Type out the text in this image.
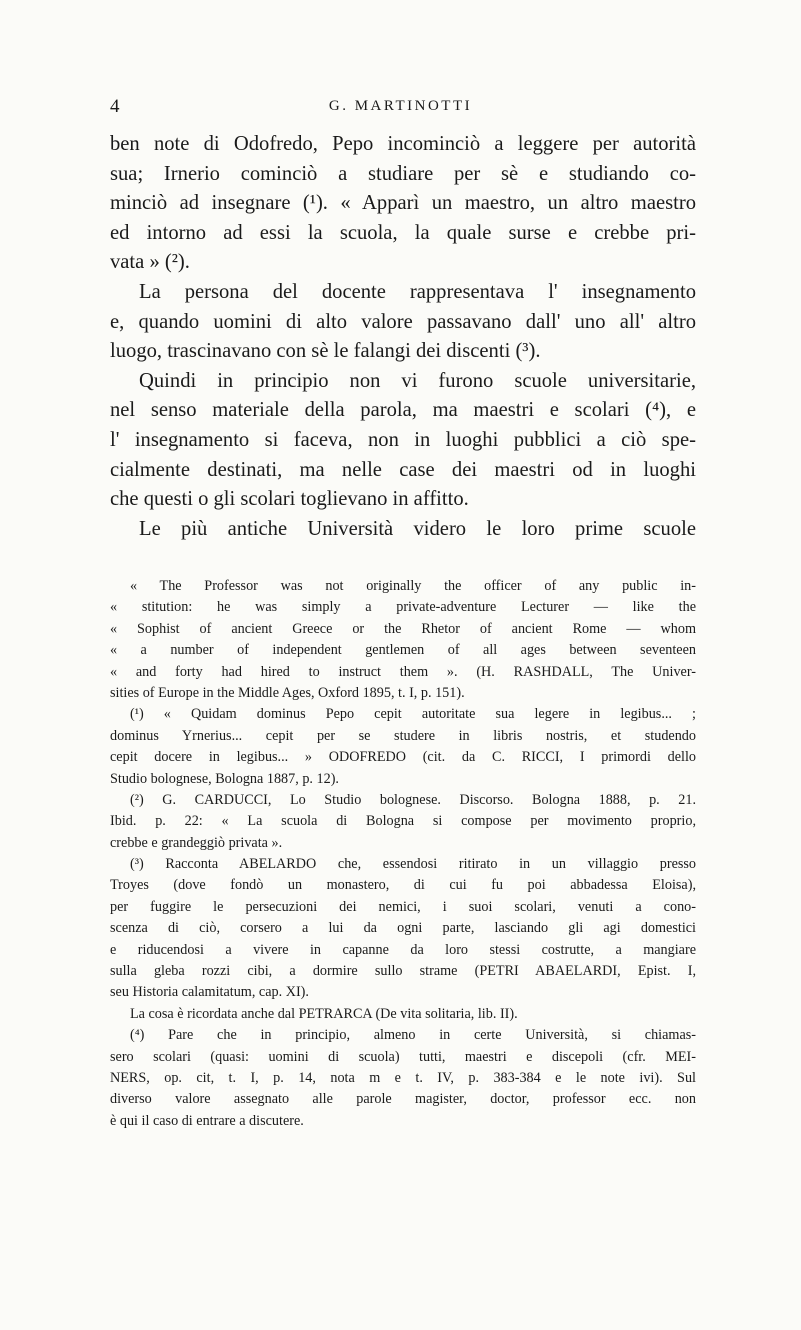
4	G. MARTINOTTI
ben note di Odofredo, Pepo incominciò a leggere per autorità
sua; Irnerio cominciò a studiare per sè e studiando co-
minciò ad insegnare (¹). « Apparì un maestro, un altro maestro
ed intorno ad essi la scuola, la quale surse e crebbe pri-
vata » (²).
La persona del docente rappresentava l' insegnamento
e, quando uomini di alto valore passavano dall' uno all' altro
luogo, trascinavano con sè le falangi dei discenti (³).
Quindi in principio non vi furono scuole universitarie,
nel senso materiale della parola, ma maestri e scolari (⁴), e
l' insegnamento si faceva, non in luoghi pubblici a ciò spe-
cialmente destinati, ma nelle case dei maestri od in luoghi
che questi o gli scolari toglievano in affitto.
Le più antiche Università videro le loro prime scuole
« The Professor was not originally the officer of any public in-
« stitution: he was simply a private-adventure Lecturer — like the
« Sophist of ancient Greece or the Rhetor of ancient Rome — whom
« a number of independent gentlemen of all ages between seventeen
« and forty had hired to instruct them ». (H. RASHDALL, The Univer-
sities of Europe in the Middle Ages, Oxford 1895, t. I, p. 151).
(¹) « Quidam dominus Pepo cepit autoritate sua legere in legibus... ;
dominus Yrnerius... cepit per se studere in libris nostris, et studendo
cepit docere in legibus... » ODOFREDO (cit. da C. RICCI, I primordi dello
Studio bolognese, Bologna 1887, p. 12).
(²) G. CARDUCCI, Lo Studio bolognese. Discorso. Bologna 1888, p. 21.
Ibid. p. 22: « La scuola di Bologna si compose per movimento proprio,
crebbe e grandeggiò privata ».
(³) Racconta ABELARDO che, essendosi ritirato in un villaggio presso
Troyes (dove fondò un monastero, di cui fu poi abbadessa Eloisa),
per fuggire le persecuzioni dei nemici, i suoi scolari, venuti a cono-
scenza di ciò, corsero a lui da ogni parte, lasciando gli agi domestici
e riducendosi a vivere in capanne da loro stessi costrutte, a mangiare
sulla gleba rozzi cibi, a dormire sullo strame (PETRI ABAELARDI, Epist. I,
seu Historia calamitatum, cap. XI).
La cosa è ricordata anche dal PETRARCA (De vita solitaria, lib. II).
(⁴) Pare che in principio, almeno in certe Università, si chiamas-
sero scolari (quasi: uomini di scuola) tutti, maestri e discepoli (cfr. MEI-
NERS, op. cit, t. I, p. 14, nota m e t. IV, p. 383-384 e le note ivi). Sul
diverso valore assegnato alle parole magister, doctor, professor ecc. non
è qui il caso di entrare a discutere.
